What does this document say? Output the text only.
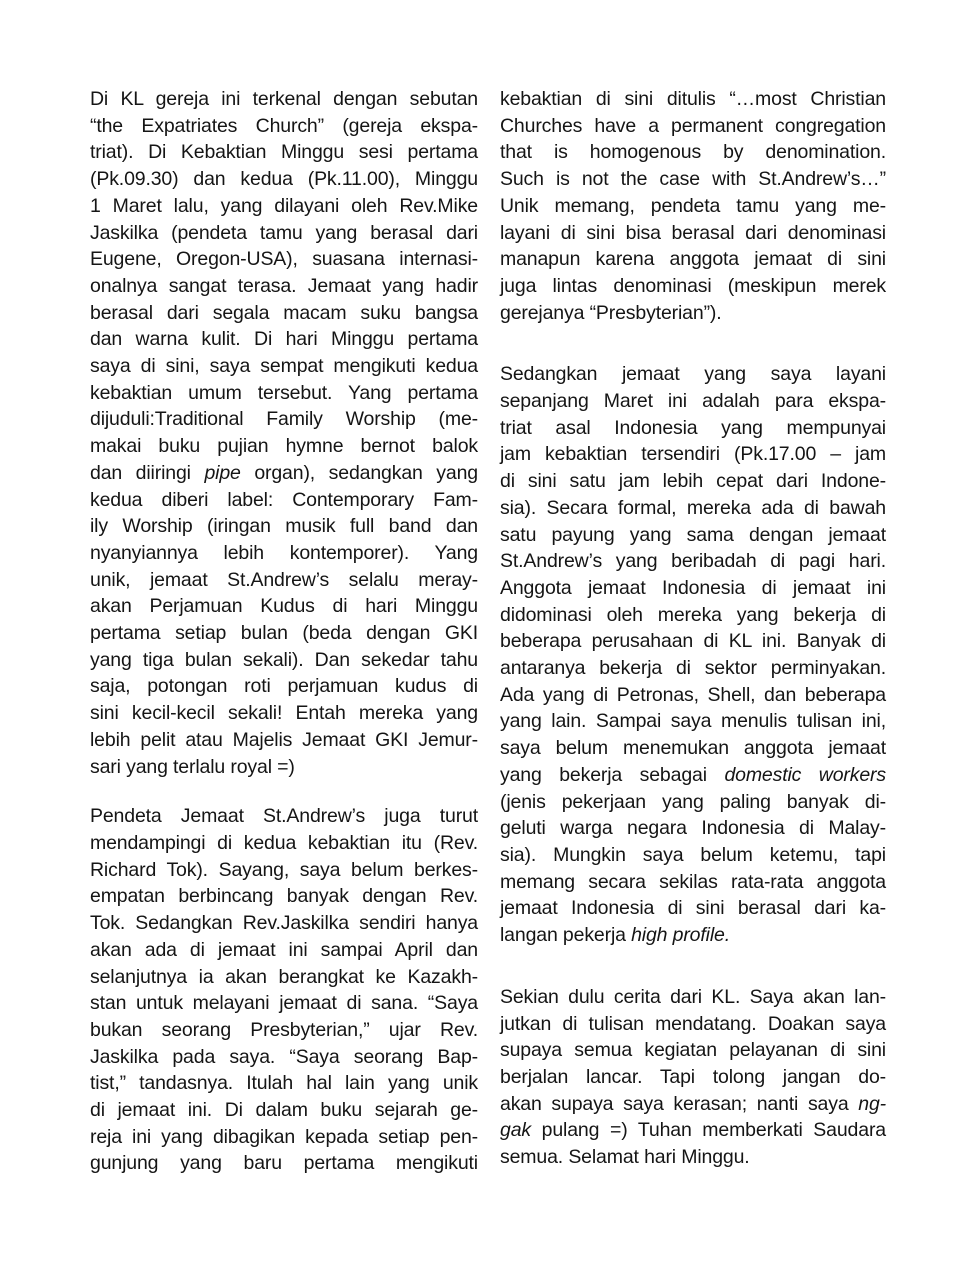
Di KL gereja ini terkenal dengan sebutan
“the Expatriates Church” (gereja ekspa-
triat). Di Kebaktian Minggu sesi pertama
(Pk.09.30) dan kedua (Pk.11.00), Minggu
1 Maret lalu, yang dilayani oleh Rev.Mike
Jaskilka (pendeta tamu yang berasal dari
Eugene, Oregon-USA), suasana internasi-
onalnya sangat terasa. Jemaat yang hadir
berasal dari segala macam suku bangsa
dan warna kulit. Di hari Minggu pertama
saya di sini, saya sempat mengikuti kedua
kebaktian umum tersebut. Yang pertama
dijuduli:Traditional Family Worship (me-
makai buku pujian hymne bernot balok
dan diiringi pipe organ), sedangkan yang
kedua diberi label: Contemporary Fam-
ily Worship (iringan musik full band dan
nyanyiannya lebih kontemporer). Yang
unik, jemaat St.Andrew’s selalu meray-
akan Perjamuan Kudus di hari Minggu
pertama setiap bulan (beda dengan GKI
yang tiga bulan sekali). Dan sekedar tahu
saja, potongan roti perjamuan kudus di
sini kecil-kecil sekali! Entah mereka yang
lebih pelit atau Majelis Jemaat GKI Jemur-
sari yang terlalu royal =)

Pendeta Jemaat St.Andrew’s juga turut
mendampingi di kedua kebaktian itu (Rev.
Richard Tok). Sayang, saya belum berkes-
empatan berbincang banyak dengan Rev.
Tok. Sedangkan Rev.Jaskilka sendiri hanya
akan ada di jemaat ini sampai April dan
selanjutnya ia akan berangkat ke Kazakh-
stan untuk melayani jemaat di sana. “Saya
bukan seorang Presbyterian,” ujar Rev.
Jaskilka pada saya. “Saya seorang Bap-
tist,” tandasnya. Itulah hal lain yang unik
di jemaat ini. Di dalam buku sejarah ge-
reja ini yang dibagikan kepada setiap pen-
gunjung yang baru pertama mengikuti

kebaktian di sini ditulis “…most Christian
Churches have a permanent congregation
that is homogenous by denomination.
Such is not the case with St.Andrew’s…”
Unik memang, pendeta tamu yang me-
layani di sini bisa berasal dari denominasi
manapun karena anggota jemaat di sini
juga lintas denominasi (meskipun merek
gerejanya “Presbyterian”).

Sedangkan jemaat yang saya layani
sepanjang Maret ini adalah para ekspa-
triat asal Indonesia yang mempunyai
jam kebaktian tersendiri (Pk.17.00 – jam
di sini satu jam lebih cepat dari Indone-
sia). Secara formal, mereka ada di bawah
satu payung yang sama dengan jemaat
St.Andrew’s yang beribadah di pagi hari.
Anggota jemaat Indonesia di jemaat ini
didominasi oleh mereka yang bekerja di
beberapa perusahaan di KL ini. Banyak di
antaranya bekerja di sektor perminyakan.
Ada yang di Petronas, Shell, dan beberapa
yang lain. Sampai saya menulis tulisan ini,
saya belum menemukan anggota jemaat
yang bekerja sebagai domestic workers
(jenis pekerjaan yang paling banyak di-
geluti warga negara Indonesia di Malay-
sia). Mungkin saya belum ketemu, tapi
memang secara sekilas rata-rata anggota
jemaat Indonesia di sini berasal dari ka-
langan pekerja high profile.

Sekian dulu cerita dari KL. Saya akan lan-
jutkan di tulisan mendatang. Doakan saya
supaya semua kegiatan pelayanan di sini
berjalan lancar. Tapi tolong jangan do-
akan supaya saya kerasan; nanti saya ng-
gak pulang =) Tuhan memberkati Saudara
semua. Selamat hari Minggu.
